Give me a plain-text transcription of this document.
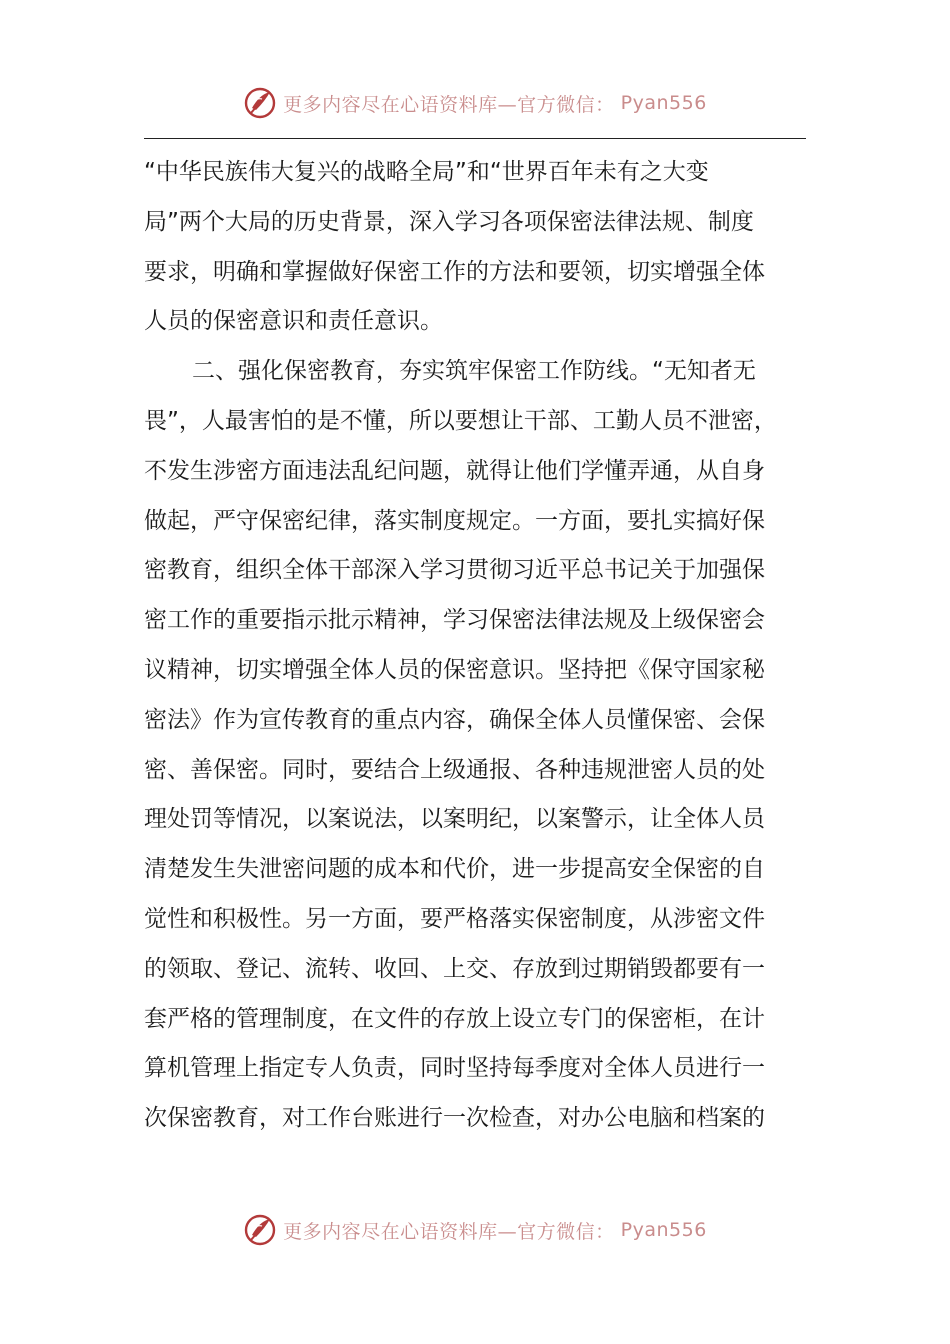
更多内容尽在心语资料库—官方微信： Pyan556
“中华民族伟大复兴的战略全局”和“世界百年未有之大变
局”两个大局的历史背景，深入学习各项保密法律法规、制度
要求，明确和掌握做好保密工作的方法和要领，切实增强全体
人员的保密意识和责任意识。
二、强化保密教育，夯实筑牢保密工作防线。“无知者无
畏”，人最害怕的是不懂，所以要想让干部、工勤人员不泄密，
不发生涉密方面违法乱纪问题，就得让他们学懂弄通，从自身
做起，严守保密纪律，落实制度规定。一方面，要扎实搞好保
密教育，组织全体干部深入学习贯彻习近平总书记关于加强保
密工作的重要指示批示精神，学习保密法律法规及上级保密会
议精神，切实增强全体人员的保密意识。坚持把《保守国家秘
密法》作为宣传教育的重点内容，确保全体人员懂保密、会保
密、善保密。同时，要结合上级通报、各种违规泄密人员的处
理处罚等情况，以案说法，以案明纪，以案警示，让全体人员
清楚发生失泄密问题的成本和代价，进一步提高安全保密的自
觉性和积极性。另一方面，要严格落实保密制度，从涉密文件
的领取、登记、流转、收回、上交、存放到过期销毁都要有一
套严格的管理制度，在文件的存放上设立专门的保密柜，在计
算机管理上指定专人负责，同时坚持每季度对全体人员进行一
次保密教育，对工作台账进行一次检查，对办公电脑和档案的
更多内容尽在心语资料库—官方微信： Pyan556
